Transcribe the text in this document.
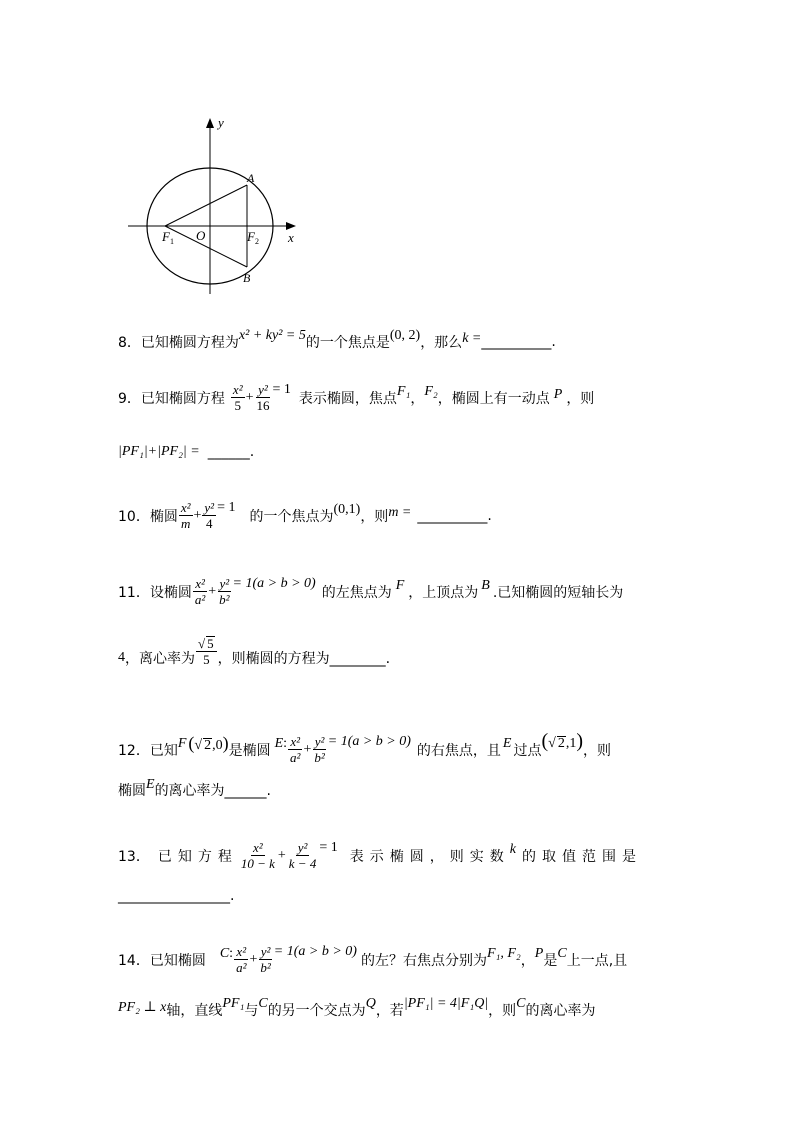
y
x
A
B
O
F 1	F 2
8． 已知椭圆方程为 x² + ky² = 5 的一个焦点是 (0, 2) ，那么 k = __________.
9． 已知椭圆方程 $\frac{\text{x²}}{5} + \frac{\text{y²}}{16} = 1$
表示椭圆，焦点 F₁ ， F₂ ，椭圆上有一动点 P ，则
|PF₁|+|PF₂| = ______.
10． 椭圆 $\frac{\text{x²}}{m} + \frac{\text{y²}}{4} = 1$
的一个焦点为 (0,1) ，则 m = __________.
11． 设椭圆 $\frac{\text{x²}}{\text{a²}} + \frac{\text{y²}}{\text{b²}} = 1(a > b > 0)$
的左焦点为 F ，上顶点为 B .已知椭圆的短轴长为
4 ，离心率为 $\frac{√ 5}{5}$ ，则椭圆的方程为________.
12． 已知 F (√ 2,0) 是椭圆 E : $\frac{\text{x²}}{\text{a²}} + \frac{\text{y²}}{\text{b²}} = 1(a > b > 0)$
的右焦点，且 E 过点 (√ 2,1) ，则
椭圆 E 的离心率为______.
13． 已知方程 $\frac{\text{x²}}{10 - k} + \frac{\text{y²}}{k - 4} = 1$
表示椭圆，则实数 k 的取值范围是
________________.
14． 已知椭圆 C : $\frac{\text{x²}}{\text{a²}} + \frac{\text{y²}}{\text{b²}} = 1(a > b > 0)$
的左？右焦点分别为 F₁, F₂ ， P 是 C 上一点,且
PF₂ ⊥ x 轴，直线 PF₁ 与 C 的另一个交点为 Q ，若 |PF₁| = 4|F₁Q| ，则 C 的离心率为
